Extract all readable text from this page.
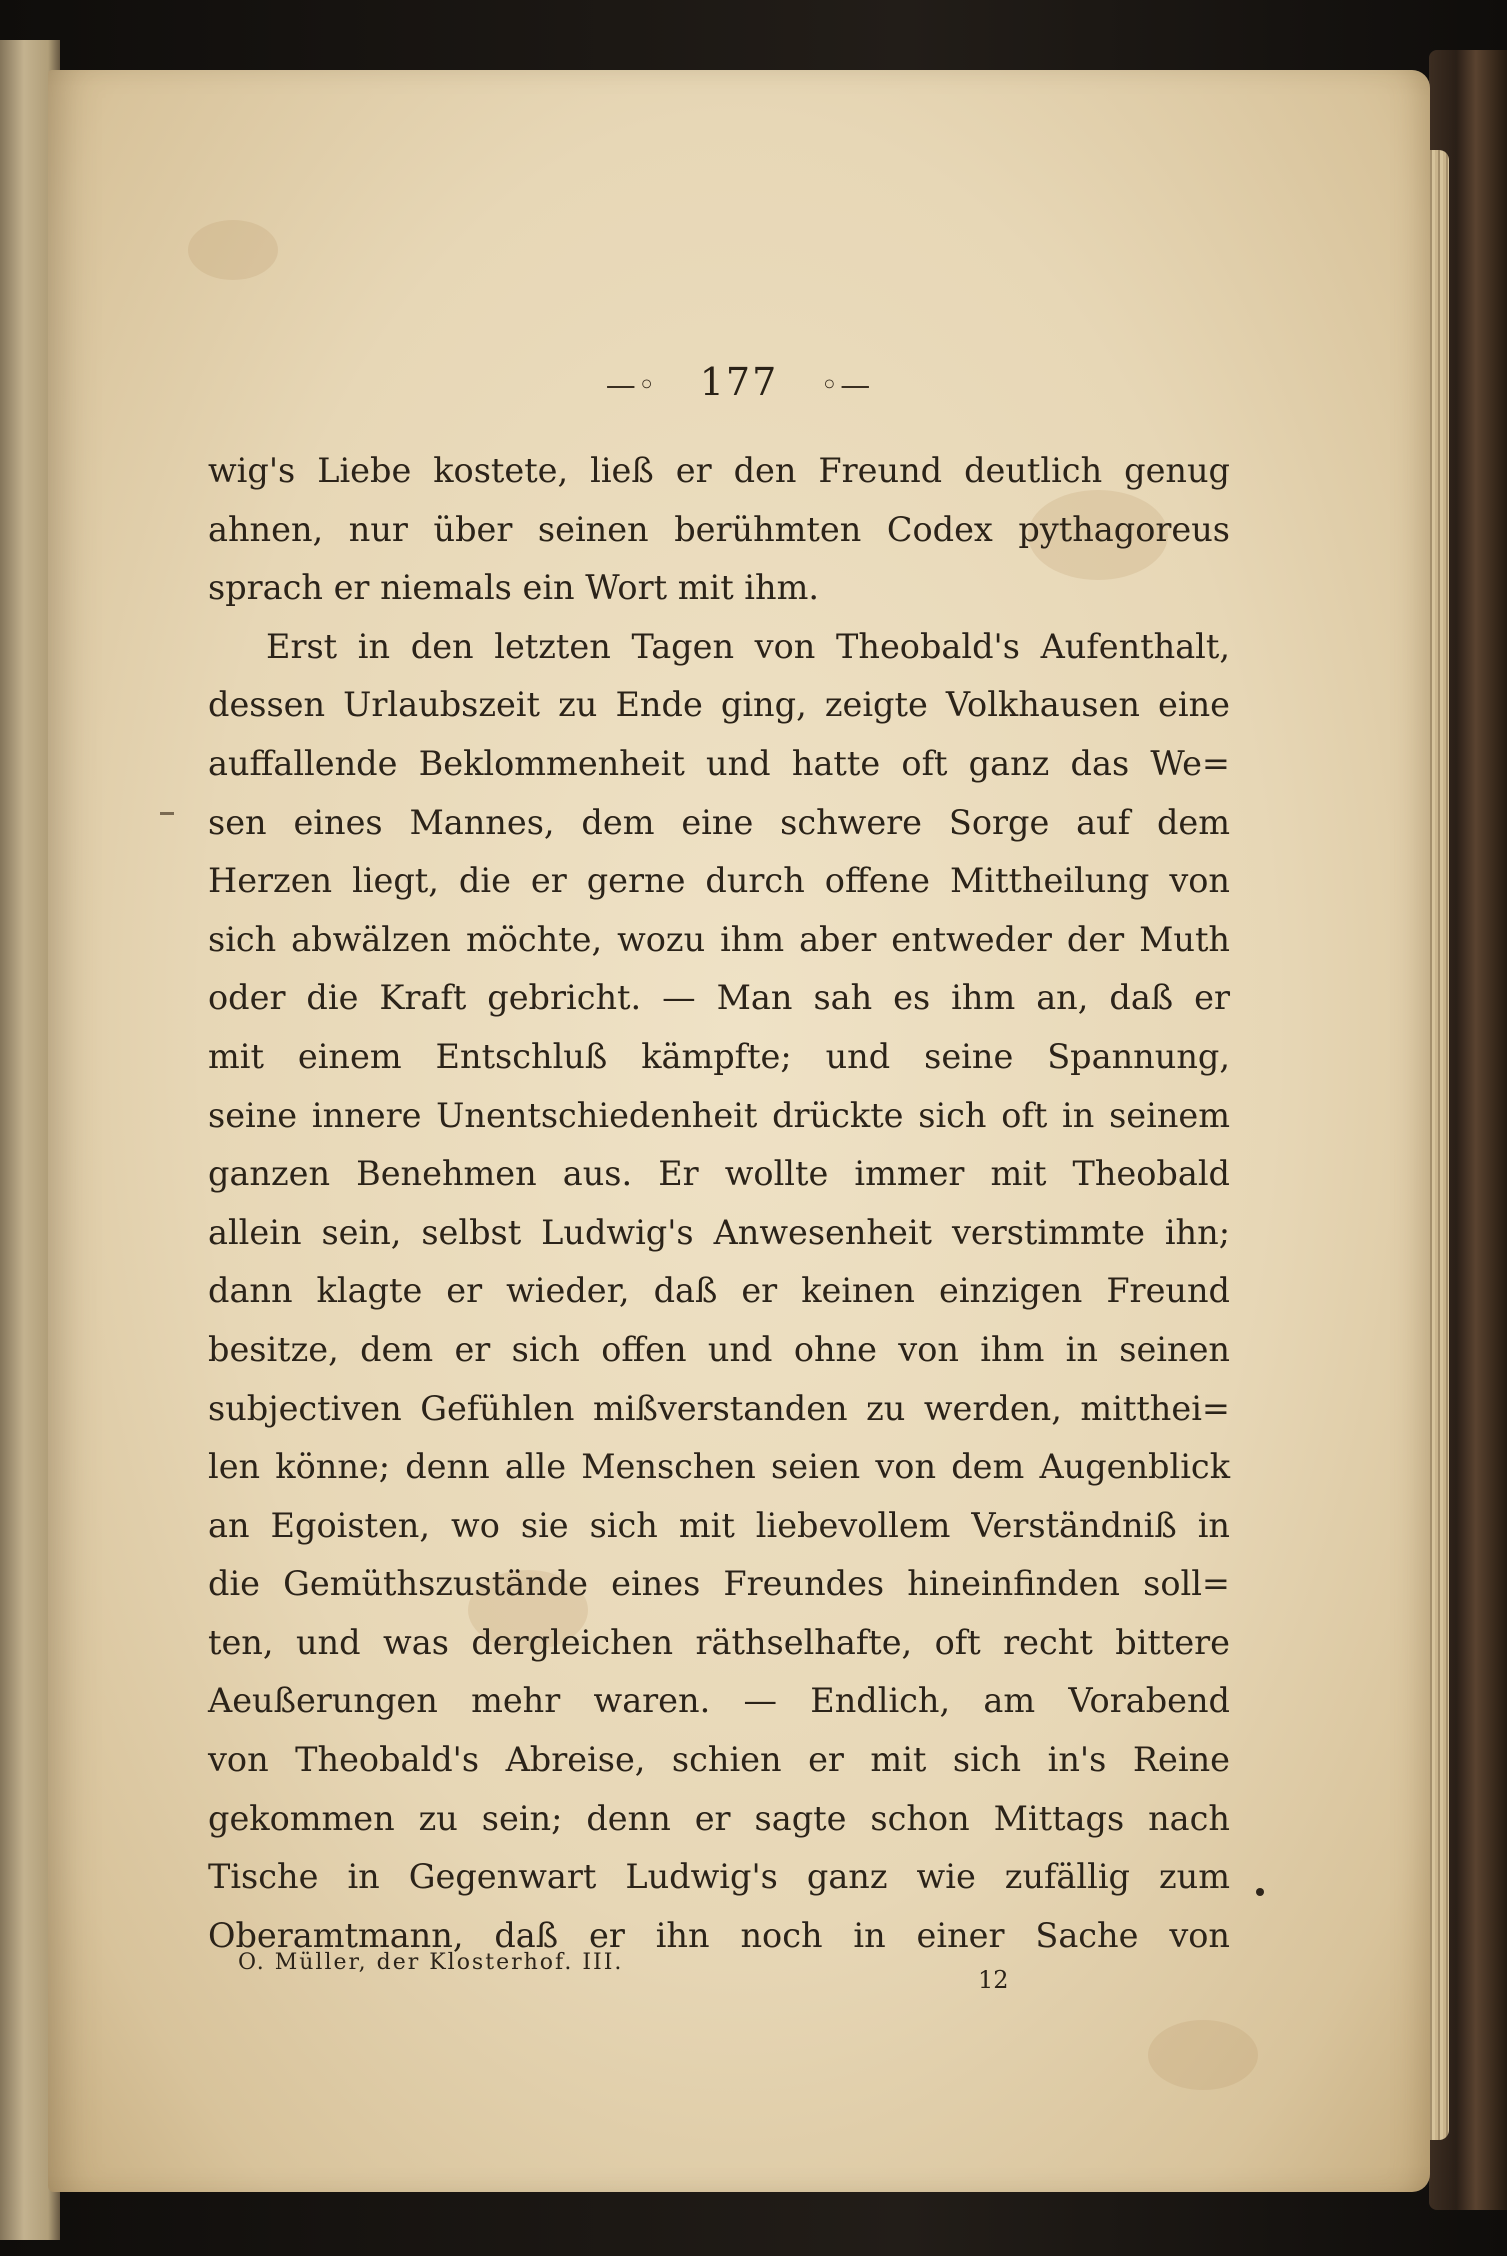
—◦ 177 ◦—
wig's Liebe kostete, ließ er den Freund deutlich genug
ahnen, nur über seinen berühmten Codex pythagoreus
sprach er niemals ein Wort mit ihm.
Erst in den letzten Tagen von Theobald's Aufenthalt,
dessen Urlaubszeit zu Ende ging, zeigte Volkhausen eine
auffallende Beklommenheit und hatte oft ganz das We=
sen eines Mannes, dem eine schwere Sorge auf dem
Herzen liegt, die er gerne durch offene Mittheilung von
sich abwälzen möchte, wozu ihm aber entweder der Muth
oder die Kraft gebricht. — Man sah es ihm an, daß er
mit einem Entschluß kämpfte; und seine Spannung,
seine innere Unentschiedenheit drückte sich oft in seinem
ganzen Benehmen aus. Er wollte immer mit Theobald
allein sein, selbst Ludwig's Anwesenheit verstimmte ihn;
dann klagte er wieder, daß er keinen einzigen Freund
besitze, dem er sich offen und ohne von ihm in seinen
subjectiven Gefühlen mißverstanden zu werden, mitthei=
len könne; denn alle Menschen seien von dem Augenblick
an Egoisten, wo sie sich mit liebevollem Verständniß in
die Gemüthszustände eines Freundes hineinfinden soll=
ten, und was dergleichen räthselhafte, oft recht bittere
Aeußerungen mehr waren. — Endlich, am Vorabend
von Theobald's Abreise, schien er mit sich in's Reine
gekommen zu sein; denn er sagte schon Mittags nach
Tische in Gegenwart Ludwig's ganz wie zufällig zum
Oberamtmann, daß er ihn noch in einer Sache von
O. Müller, der Klosterhof. III.
12
